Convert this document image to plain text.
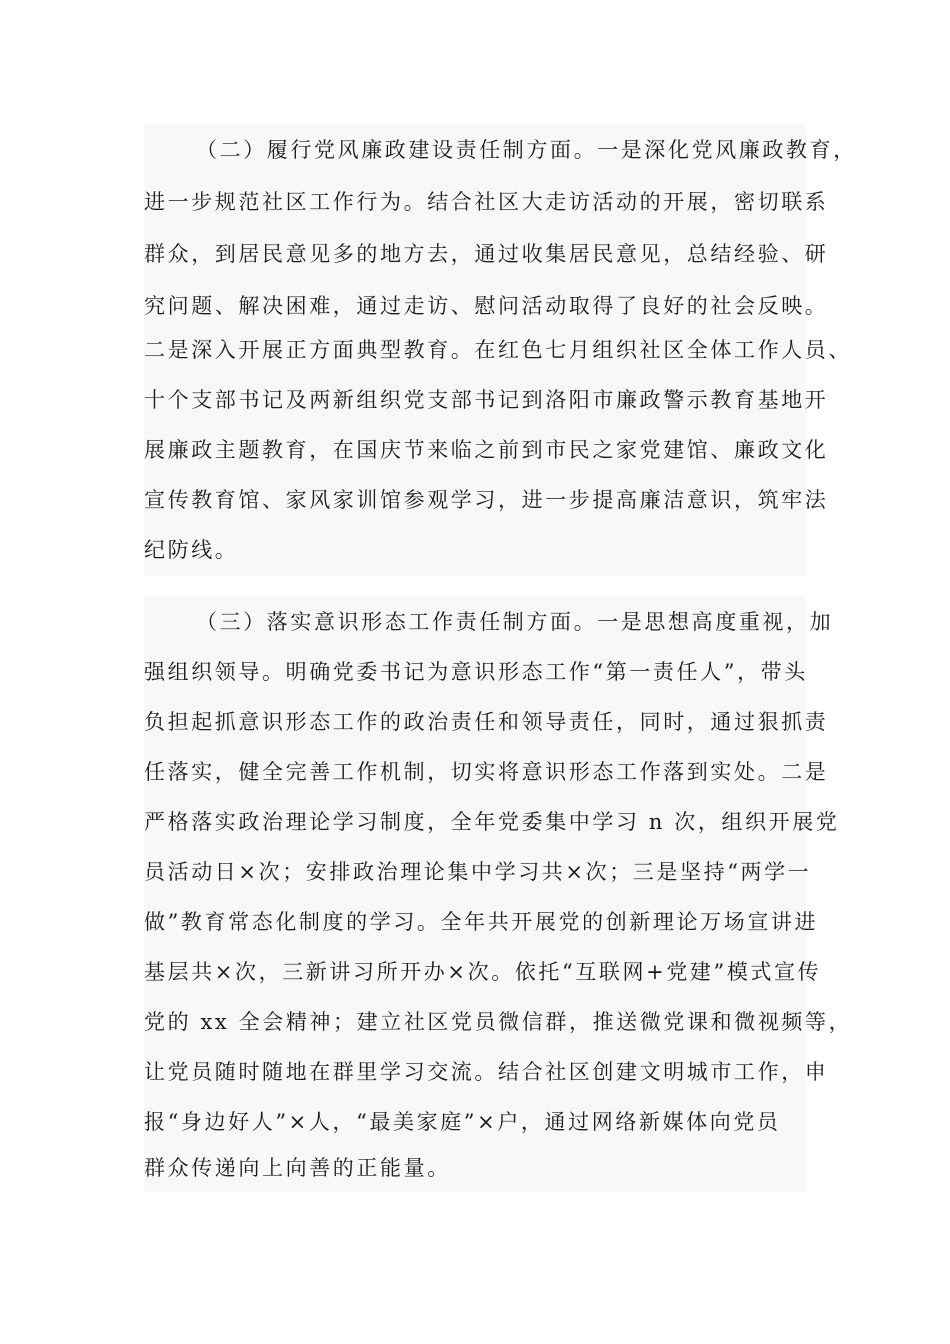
（二）履行党风廉政建设责任制方面。一是深化党风廉政教育，
进一步规范社区工作行为。结合社区大走访活动的开展，密切联系
群众，到居民意见多的地方去，通过收集居民意见，总结经验、研
究问题、解决困难，通过走访、慰问活动取得了良好的社会反映。
二是深入开展正方面典型教育。在红色七月组织社区全体工作人员、
十个支部书记及两新组织党支部书记到洛阳市廉政警示教育基地开
展廉政主题教育，在国庆节来临之前到市民之家党建馆、廉政文化
宣传教育馆、家风家训馆参观学习，进一步提高廉洁意识，筑牢法
纪防线。
（三）落实意识形态工作责任制方面。一是思想高度重视，加
强组织领导。明确党委书记为意识形态工作“第一责任人”，带头
负担起抓意识形态工作的政治责任和领导责任，同时，通过狠抓责
任落实，健全完善工作机制，切实将意识形态工作落到实处。二是
严格落实政治理论学习制度，全年党委集中学习 n 次，组织开展党
员活动日×次；安排政治理论集中学习共×次；三是坚持“两学一
做”教育常态化制度的学习。全年共开展党的创新理论万场宣讲进
基层共×次，三新讲习所开办×次。依托“互联网+党建”模式宣传
党的 xx 全会精神；建立社区党员微信群，推送微党课和微视频等，
让党员随时随地在群里学习交流。结合社区创建文明城市工作，申
报“身边好人”×人，“最美家庭”×户，通过网络新媒体向党员
群众传递向上向善的正能量。
